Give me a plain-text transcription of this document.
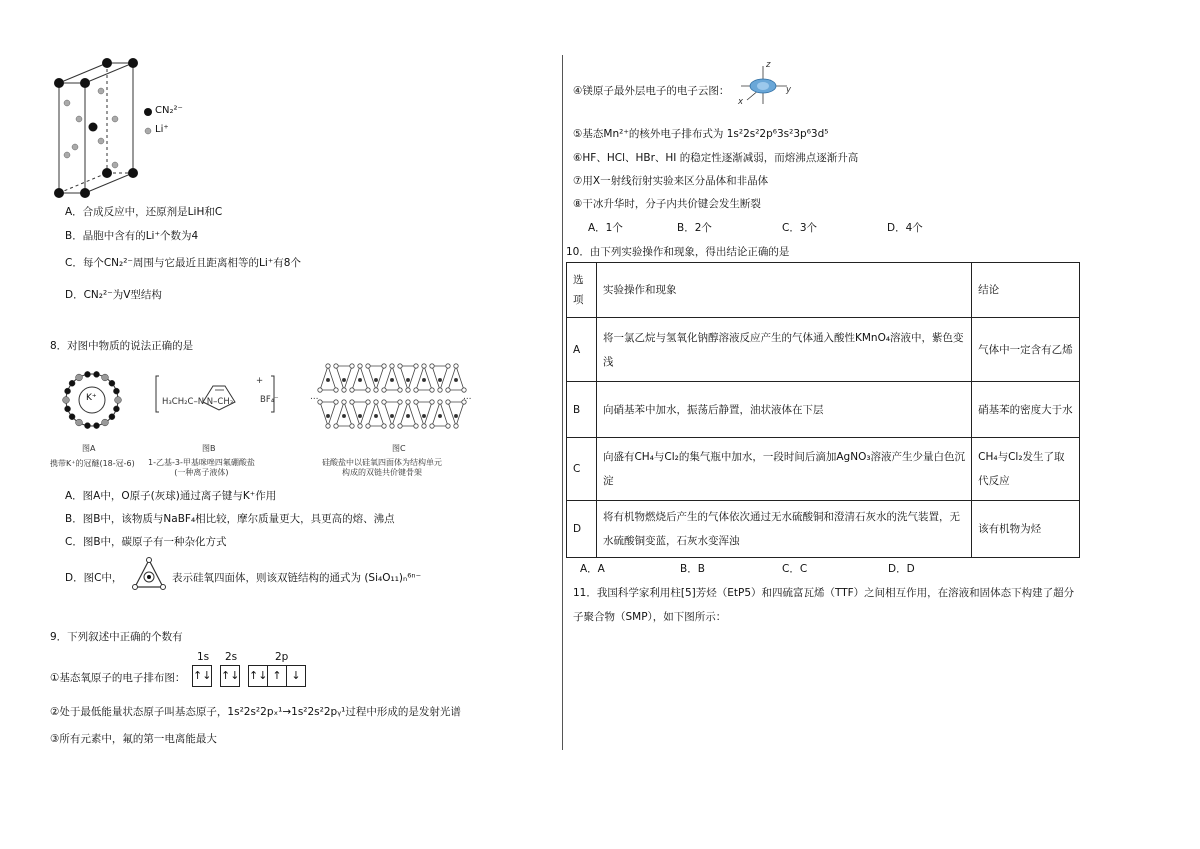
CN₂²⁻
Li⁺
A．合成反应中，还原剂是LiH和C
B．晶胞中含有的Li⁺个数为4
C．每个CN₂²⁻周围与它最近且距离相等的Li⁺有8个
D．CN₂²⁻为V型结构
8．对图中物质的说法正确的是
K⁺	H₃CH₂C–N N–CH₃
+
BF₄⁻	…	…
图A
携带K⁺的冠醚(18-冠-6)
图B
1-乙基-3-甲基咪唑四氟硼酸盐
(一种离子液体)
图C
硅酸盐中以硅氧四面体为结构单元
构成的双链共价键骨架
A．图A中，O原子(灰球)通过离子键与K⁺作用
B．图B中，该物质与NaBF₄相比较，摩尔质量更大，具更高的熔、沸点
C．图B中，碳原子有一种杂化方式
D．图C中，	表示硅氧四面体，则该双链结构的通式为 (Si₄O₁₁)ₙ⁶ⁿ⁻
9．下列叙述中正确的个数有
1s 2s	2p
①基态氧原子的电子排布图： ↑↓ ↑↓ ↑↓ ↑ ↓
②处于最低能量状态原子叫基态原子，1s²2s²2pₓ¹→1s²2s²2pᵧ¹过程中形成的是发射光谱
③所有元素中，氟的第一电离能最大
④镁原子最外层电子的电子云图：
z
y
x
⑤基态Mn²⁺的核外电子排布式为 1s²2s²2p⁶3s²3p⁶3d⁵
⑥HF、HCl、HBr、HI 的稳定性逐渐减弱，而熔沸点逐渐升高
⑦用X一射线衍射实验来区分晶体和非晶体
⑧干冰升华时，分子内共价键会发生断裂
A．1个	B．2个	C．3个	D．4个
10．由下列实验操作和现象，得出结论正确的是
选项	实验操作和现象	结论
A	将一氯乙烷与氢氧化钠醇溶液反应产生的气体通入酸性KMnO₄溶液中，紫色变浅	气体中一定含有乙烯
B	向硝基苯中加水，振荡后静置，油状液体在下层	硝基苯的密度大于水
C	向盛有CH₄与Cl₂的集气瓶中加水，一段时间后滴加AgNO₃溶液产生少量白色沉淀	CH₄与Cl₂发生了取代反应
D	将有机物燃烧后产生的气体依次通过无水硫酸铜和澄清石灰水的洗气装置，无水硫酸铜变蓝，石灰水变浑浊	该有机物为烃
A．A	B．B	C．C	D．D
11．我国科学家利用柱[5]芳烃（EtP5）和四硫富瓦烯（TTF）之间相互作用，在溶液和固体态下构建了超分
子聚合物（SMP），如下图所示：
